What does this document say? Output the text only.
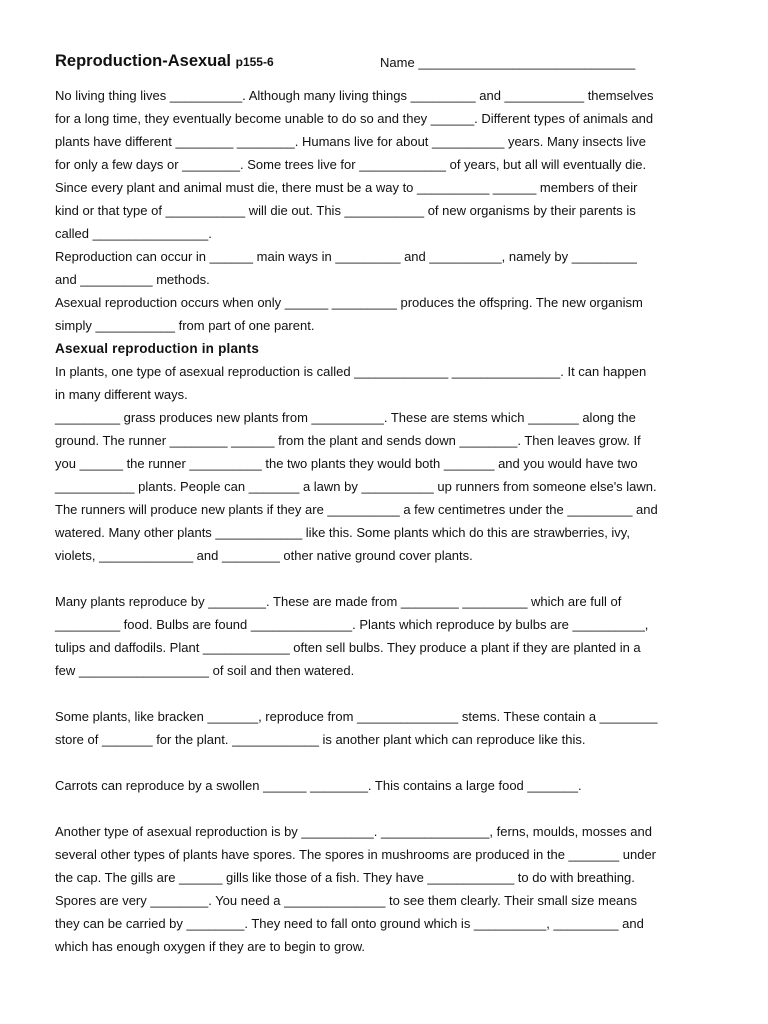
Reproduction-Asexual p155-6	Name ______________________________
No living thing lives __________. Although many living things _________ and ___________ themselves
for a long time, they eventually become unable to do so and they ______. Different types of animals and
plants have different ________ ________. Humans live for about __________ years. Many insects live
for only a few days or ________. Some trees live for ____________ of years, but all will eventually die.
Since every plant and animal must die, there must be a way to __________ ______ members of their
kind or that type of ___________ will die out. This ___________ of new organisms by their parents is
called ________________.
Reproduction can occur in ______ main ways in _________ and __________, namely by _________
and __________ methods.
Asexual reproduction occurs when only ______ _________ produces the offspring. The new organism
simply ___________ from part of one parent.
Asexual reproduction in plants
In plants, one type of asexual reproduction is called _____________ _______________. It can happen
in many different ways.
_________ grass produces new plants from __________. These are stems which _______ along the
ground. The runner ________ ______ from the plant and sends down ________. Then leaves grow. If
you ______ the runner __________ the two plants they would both _______ and you would have two
___________ plants. People can _______ a lawn by __________ up runners from someone else's lawn.
The runners will produce new plants if they are __________ a few centimetres under the _________ and
watered. Many other plants ____________ like this. Some plants which do this are strawberries, ivy,
violets, _____________ and ________ other native ground cover plants.
Many plants reproduce by ________. These are made from ________ _________ which are full of
_________ food. Bulbs are found ______________. Plants which reproduce by bulbs are __________,
tulips and daffodils. Plant ____________ often sell bulbs. They produce a plant if they are planted in a
few __________________ of soil and then watered.
Some plants, like bracken _______, reproduce from ______________ stems. These contain a ________
store of _______ for the plant. ____________ is another plant which can reproduce like this.
Carrots can reproduce by a swollen ______ ________. This contains a large food _______.
Another type of asexual reproduction is by __________. _______________, ferns, moulds, mosses and
several other types of plants have spores. The spores in mushrooms are produced in the _______ under
the cap. The gills are ______ gills like those of a fish. They have ____________ to do with breathing.
Spores are very ________. You need a ______________ to see them clearly. Their small size means
they can be carried by ________. They need to fall onto ground which is __________, _________ and
which has enough oxygen if they are to begin to grow.
